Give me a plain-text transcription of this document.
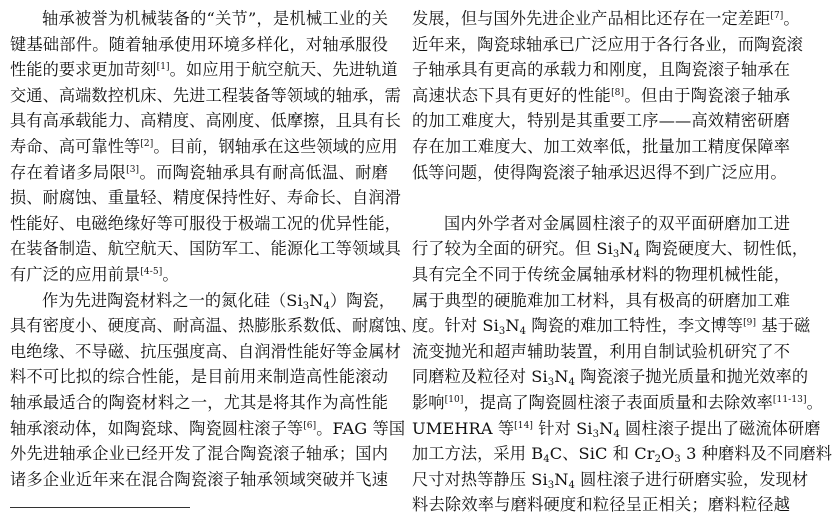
轴承被誉为机械装备的“关节”，是机械工业的关
键基础部件。随着轴承使用环境多样化，对轴承服役
性能的要求更加苛刻[1]。如应用于航空航天、先进轨道
交通、高端数控机床、先进工程装备等领域的轴承，需
具有高承载能力、高精度、高刚度、低摩擦，且具有长
寿命、高可靠性等[2]。目前，钢轴承在这些领域的应用
存在着诸多局限[3]。而陶瓷轴承具有耐高低温、耐磨
损、耐腐蚀、重量轻、精度保持性好、寿命长、自润滑
性能好、电磁绝缘好等可服役于极端工况的优异性能，
在装备制造、航空航天、国防军工、能源化工等领域具
有广泛的应用前景[4-5]。
作为先进陶瓷材料之一的氮化硅$(Si_3N_4)$陶瓷，
具有密度小、硬度高、耐高温、热膨胀系数低、耐腐蚀、
电绝缘、不导磁、抗压强度高、自润滑性能好等金属材
料不可比拟的综合性能，是目前用来制造高性能滚动
轴承最适合的陶瓷材料之一，尤其是将其作为高性能
轴承滚动体，如陶瓷球、陶瓷圆柱滚子等[6]。FAG 等国
外先进轴承企业已经开发了混合陶瓷滚子轴承；国内
诸多企业近年来在混合陶瓷滚子轴承领域突破并飞速
发展，但与国外先进企业产品相比还存在一定差距[7]。
近年来，陶瓷球轴承已广泛应用于各行各业，而陶瓷滚
子轴承具有更高的承载力和刚度，且陶瓷滚子轴承在
高速状态下具有更好的性能[8]。但由于陶瓷滚子轴承
的加工难度大，特别是其重要工序——高效精密研磨
存在加工难度大、加工效率低，批量加工精度保障率
低等问题，使得陶瓷滚子轴承迟迟得不到广泛应用。
国内外学者对金属圆柱滚子的双平面研磨加工进
行了较为全面的研究。但 $Si_3N_4$ 陶瓷硬度大、韧性低，
具有完全不同于传统金属轴承材料的物理机械性能，
属于典型的硬脆难加工材料，具有极高的研磨加工难
度。针对 $Si_3N_4$ 陶瓷的难加工特性，李文博等[9] 基于磁
流变抛光和超声辅助装置，利用自制试验机研究了不
同磨粒及粒径对 $Si_3N_4$ 陶瓷滚子抛光质量和抛光效率的
影响[10]，提高了陶瓷圆柱滚子表面质量和去除效率[11-13]。
UMEHRA 等[14] 针对 $Si_3N_4$ 圆柱滚子提出了磁流体研磨
加工方法，采用 $B_4C$、SiC 和 $Cr_2O_3$ 3 种磨料及不同磨料
尺寸对热等静压 $Si_3N_4$ 圆柱滚子进行研磨实验，发现材
料去除效率与磨料硬度和粒径呈正相关；磨料粒径越
